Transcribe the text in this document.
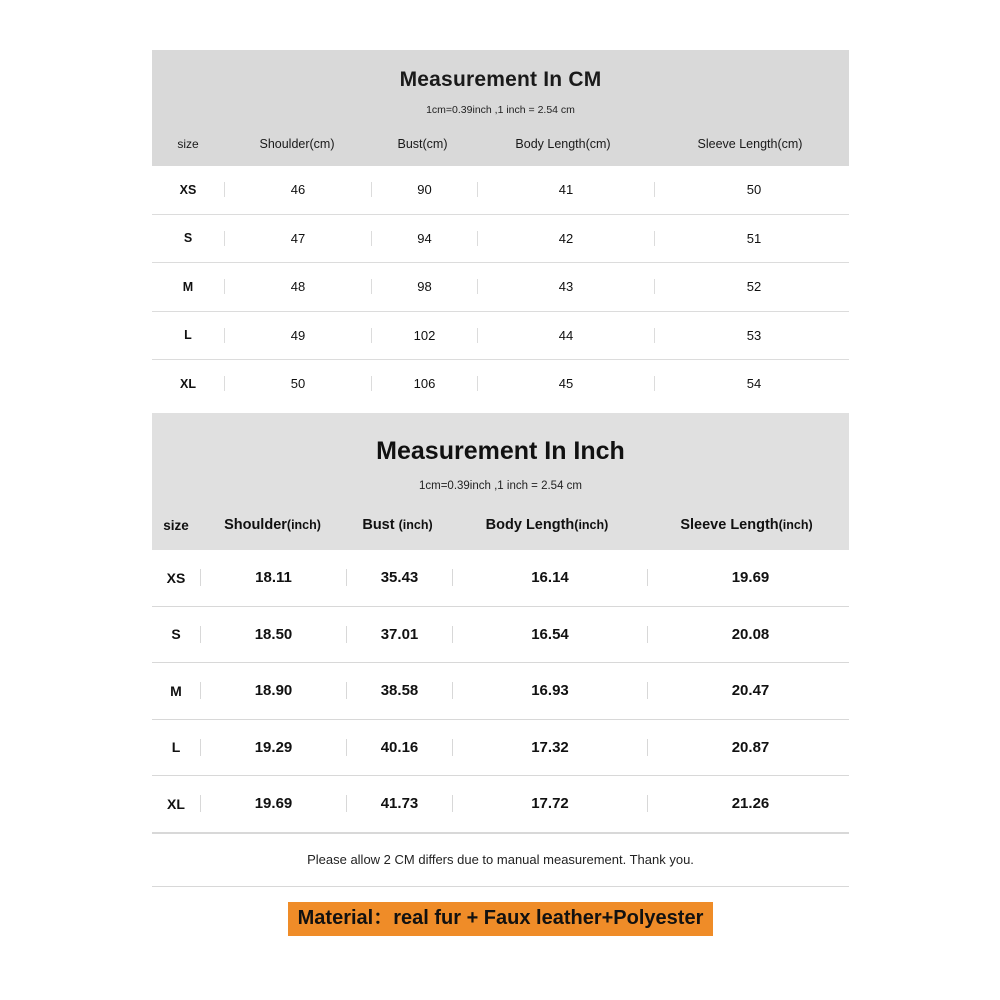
Measurement In CM
1cm=0.39inch ,1 inch = 2.54 cm
size	Shoulder(cm)	Bust(cm)	Body Length(cm)	Sleeve Length(cm)
XS	46	90	41	50
S	47	94	42	51
M	48	98	43	52
L	49	102	44	53
XL	50	106	45	54
Measurement In Inch
1cm=0.39inch ,1 inch = 2.54 cm
size	Shoulder(inch)	Bust (inch)	Body Length(inch)	Sleeve Length(inch)
XS	18.11	35.43	16.14	19.69
S	18.50	37.01	16.54	20.08
M	18.90	38.58	16.93	20.47
L	19.29	40.16	17.32	20.87
XL	19.69	41.73	17.72	21.26
Please allow 2 CM differs due to manual measurement. Thank you.
Material：real fur + Faux leather+Polyester
